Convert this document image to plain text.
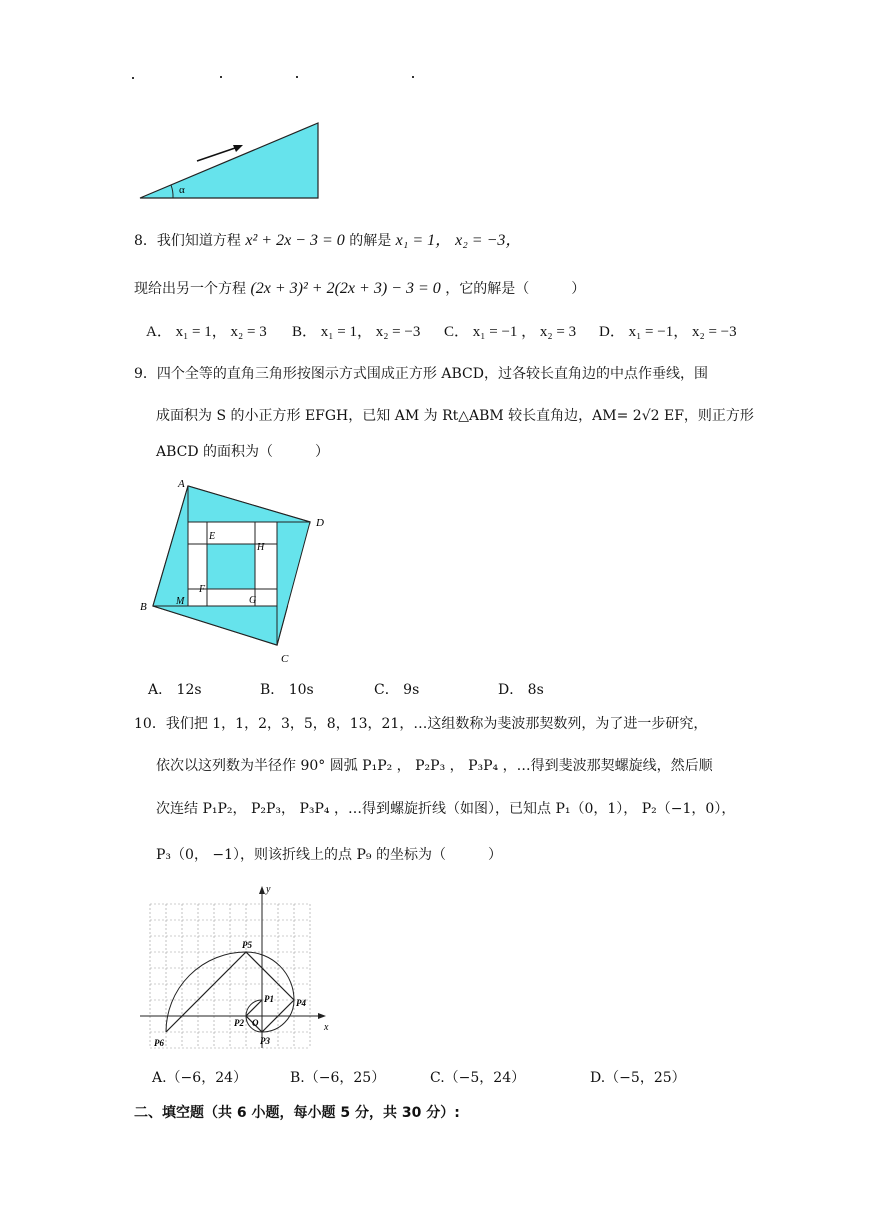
α
8．我们知道方程 x² + 2x − 3 = 0 的解是 x₁ = 1， x₂ = −3，
现给出另一个方程 (2x + 3)² + 2(2x + 3) − 3 = 0 ，它的解是（　　　）
A． x₁ = 1， x₂ = 3 B． x₁ = 1， x₂ = −3 C． x₁ = −1 ， x₂ = 3 D． x₁ = −1， x₂ = −3
9．四个全等的直角三角形按图示方式围成正方形 ABCD，过各较长直角边的中点作垂线，围
成面积为 S 的小正方形 EFGH，已知 AM 为 Rt△ABM 较长直角边，AM= 2√2 EF，则正方形
ABCD 的面积为（　　　）
A
B
C
D
E
F
G
H
M
A． 12s	B． 10s	C． 9s	D． 8s
10．我们把 1，1，2，3，5，8，13，21，…这组数称为斐波那契数列，为了进一步研究，
依次以这列数为半径作 90° 圆弧 P₁P₂ ， P₂P₃ ， P₃P₄ ，…得到斐波那契螺旋线，然后顺
次连结 P₁P₂， P₂P₃， P₃P₄ ，…得到螺旋折线（如图），已知点 P₁（0，1）， P₂（−1，0），
P₃（0， −1），则该折线上的点 P₉ 的坐标为（　　　）
x
y
P1
P2
P3
P4
P5
P6
O
A.（−6，24）	B.（−6，25）	C.（−5，24）	D.（−5，25）
二、填空题（共 6 小题，每小题 5 分，共 30 分）:
